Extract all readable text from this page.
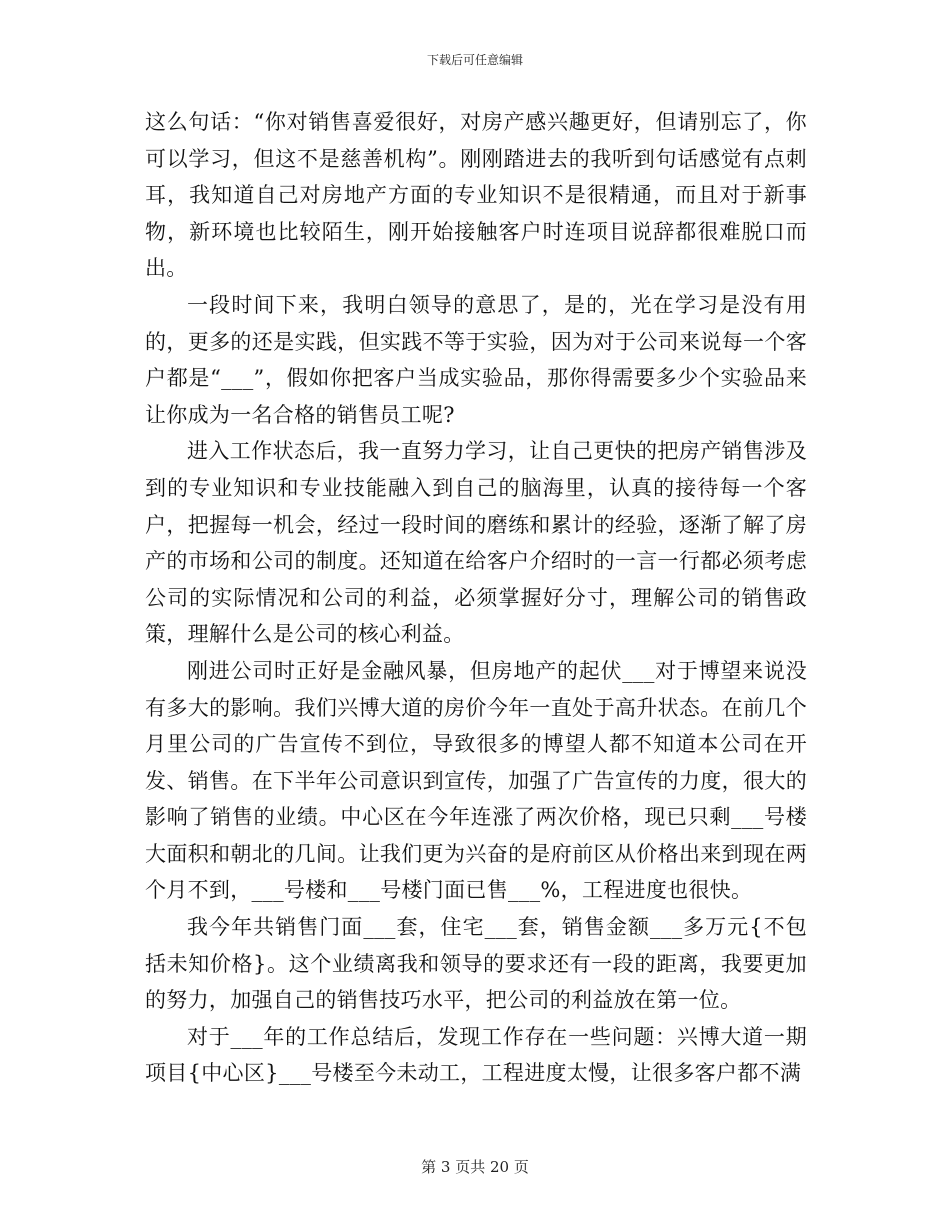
下载后可任意编辑

这么句话：“你对销售喜爱很好，对房产感兴趣更好，但请别忘了，你可以学习，但这不是慈善机构”。刚刚踏进去的我听到句话感觉有点刺耳，我知道自己对房地产方面的专业知识不是很精通，而且对于新事物，新环境也比较陌生，刚开始接触客户时连项目说辞都很难脱口而出。

一段时间下来，我明白领导的意思了，是的，光在学习是没有用的，更多的还是实践，但实践不等于实验，因为对于公司来说每一个客户都是“___”，假如你把客户当成实验品，那你得需要多少个实验品来让你成为一名合格的销售员工呢?

进入工作状态后，我一直努力学习，让自己更快的把房产销售涉及到的专业知识和专业技能融入到自己的脑海里，认真的接待每一个客户，把握每一机会，经过一段时间的磨练和累计的经验，逐渐了解了房产的市场和公司的制度。还知道在给客户介绍时的一言一行都必须考虑公司的实际情况和公司的利益，必须掌握好分寸，理解公司的销售政策，理解什么是公司的核心利益。

刚进公司时正好是金融风暴，但房地产的起伏___对于博望来说没有多大的影响。我们兴博大道的房价今年一直处于高升状态。在前几个月里公司的广告宣传不到位，导致很多的博望人都不知道本公司在开发、销售。在下半年公司意识到宣传，加强了广告宣传的力度，很大的影响了销售的业绩。中心区在今年连涨了两次价格，现已只剩___号楼大面积和朝北的几间。让我们更为兴奋的是府前区从价格出来到现在两个月不到，___号楼和___号楼门面已售___%，工程进度也很快。

我今年共销售门面___套，住宅___套，销售金额___多万元{不包括未知价格}。这个业绩离我和领导的要求还有一段的距离，我要更加的努力，加强自己的销售技巧水平，把公司的利益放在第一位。

对于___年的工作总结后，发现工作存在一些问题：兴博大道一期项目{中心区}___号楼至今未动工，工程进度太慢，让很多客户都不满

第 3 页共 20 页
